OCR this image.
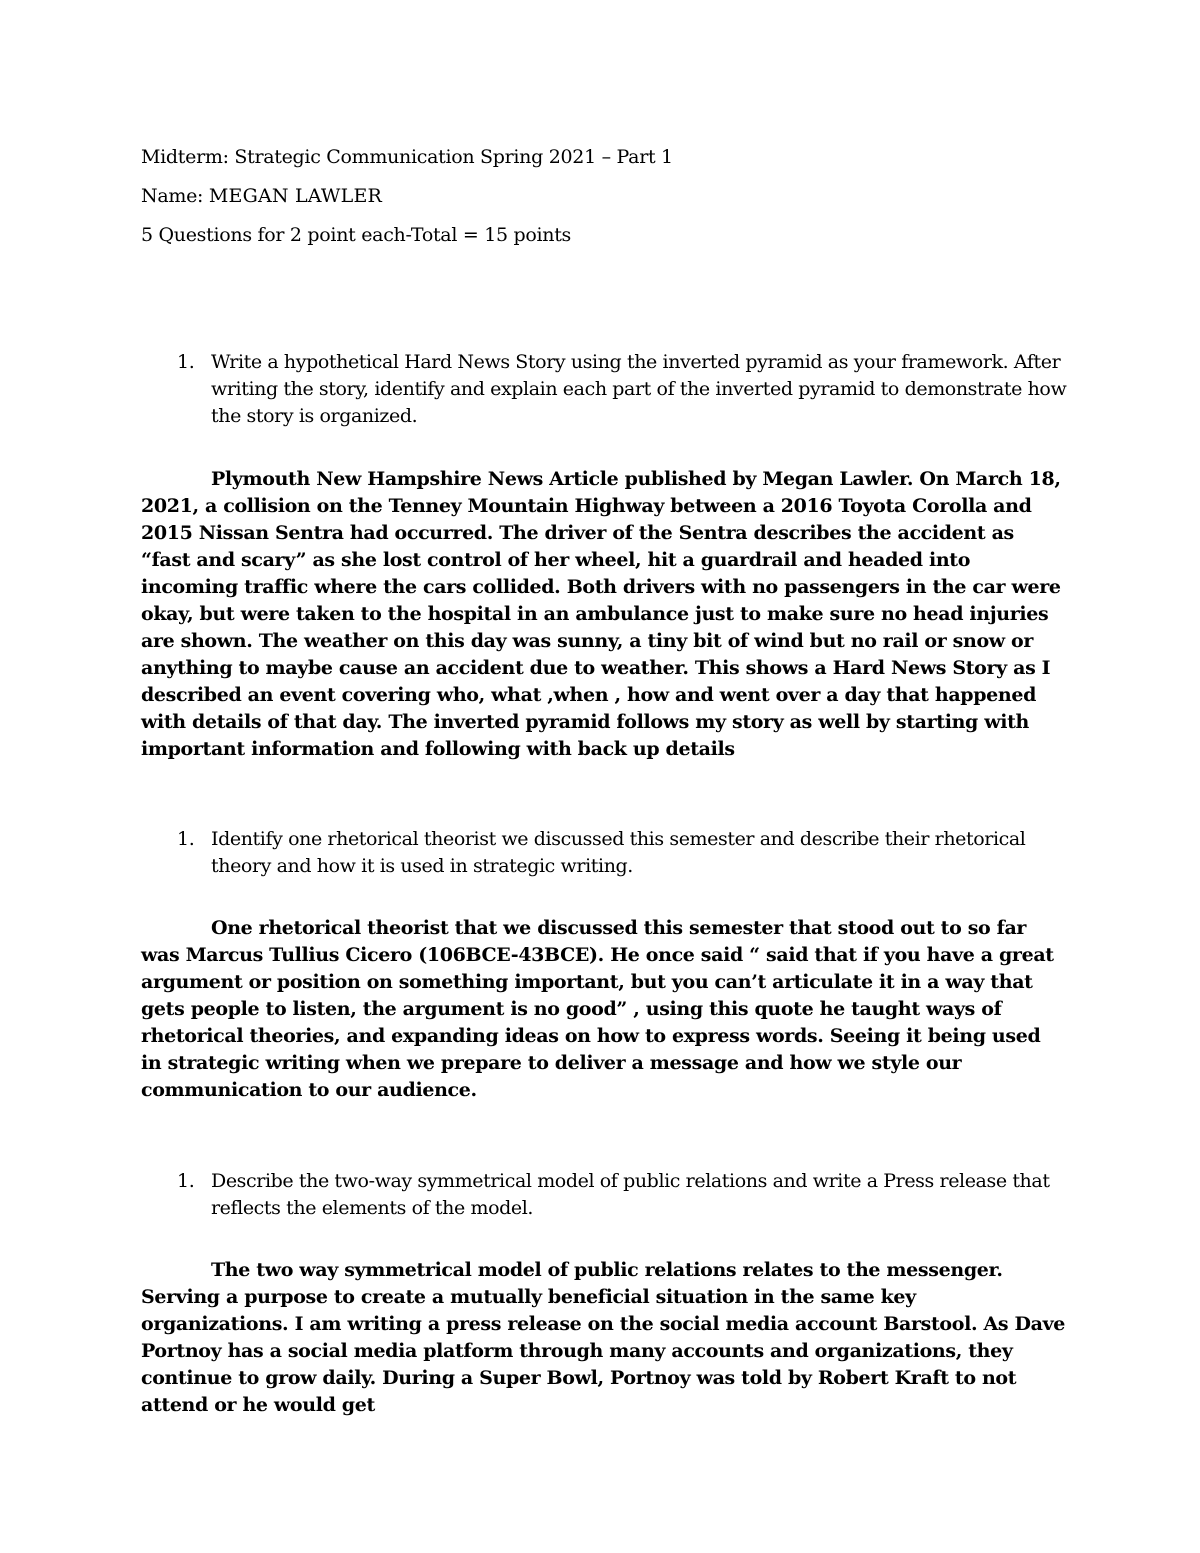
Midterm: Strategic Communication Spring 2021 – Part 1
Name: MEGAN LAWLER
5 Questions for 2 point each-Total = 15 points
1. Write a hypothetical Hard News Story using the inverted pyramid as your framework. After writing the story, identify and explain each part of the inverted pyramid to demonstrate how the story is organized.
Plymouth New Hampshire News Article published by Megan Lawler. On March 18, 2021, a collision on the Tenney Mountain Highway between a 2016 Toyota Corolla and 2015 Nissan Sentra had occurred. The driver of the Sentra describes the accident as “fast and scary” as she lost control of her wheel, hit a guardrail and headed into incoming traffic where the cars collided. Both drivers with no passengers in the car were okay, but were taken to the hospital in an ambulance just to make sure no head injuries are shown. The weather on this day was sunny, a tiny bit of wind but no rail or snow or anything to maybe cause an accident due to weather. This shows a Hard News Story as I described an event covering who, what ,when , how and went over a day that happened with details of that day. The inverted pyramid follows my story as well by starting with important information and following with back up details
1. Identify one rhetorical theorist we discussed this semester and describe their rhetorical theory and how it is used in strategic writing.
One rhetorical theorist that we discussed this semester that stood out to so far was Marcus Tullius Cicero (106BCE-43BCE). He once said “ said that if you have a great argument or position on something important, but you can’t articulate it in a way that gets people to listen, the argument is no good” , using this quote he taught ways of rhetorical theories, and expanding ideas on how to express words. Seeing it being used in strategic writing when we prepare to deliver a message and how we style our communication to our audience.
1. Describe the two-way symmetrical model of public relations and write a Press release that reflects the elements of the model.
The two way symmetrical model of public relations relates to the messenger. Serving a purpose to create a mutually beneficial situation in the same key organizations. I am writing a press release on the social media account Barstool. As Dave Portnoy has a social media platform through many accounts and organizations, they continue to grow daily. During a Super Bowl, Portnoy was told by Robert Kraft to not attend or he would get
